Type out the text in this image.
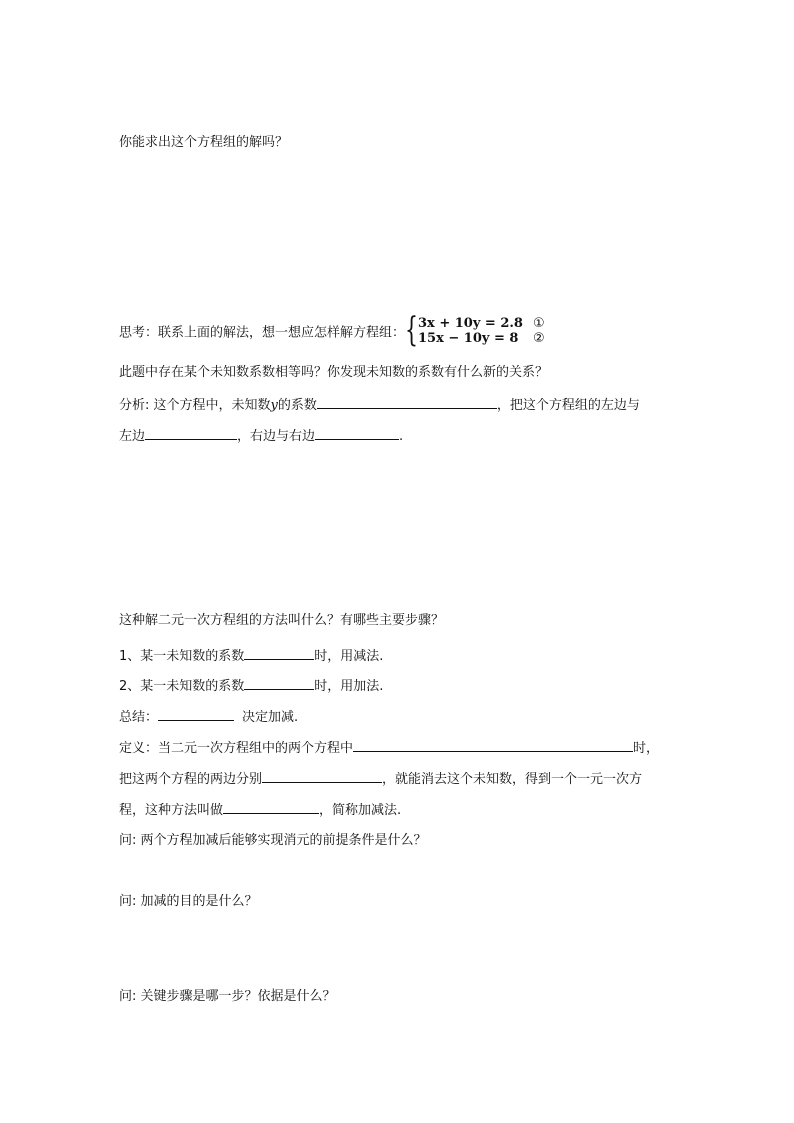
你能求出这个方程组的解吗？
思考：联系上面的解法，想一想应怎样解方程组： { 3x + 10y = 2.8
15x − 10y = 8
①
②
此题中存在某个未知数系数相等吗？你发现未知数的系数有什么新的关系？
分析: 这个方程中，未知数y的系数	，把这个方程组的左边与
左边	，右边与右边	.
这种解二元一次方程组的方法叫什么？有哪些主要步骤？
1、某一未知数的系数	时，用减法.
2、某一未知数的系数	时，用加法.
总结：	决定加减.
定义：当二元一次方程组中的两个方程中	时，
把这两个方程的两边分别	，就能消去这个未知数，得到一个一元一次方
程，这种方法叫做	，简称加减法.
问: 两个方程加减后能够实现消元的前提条件是什么？
问: 加减的目的是什么？
问: 关键步骤是哪一步？依据是什么？
